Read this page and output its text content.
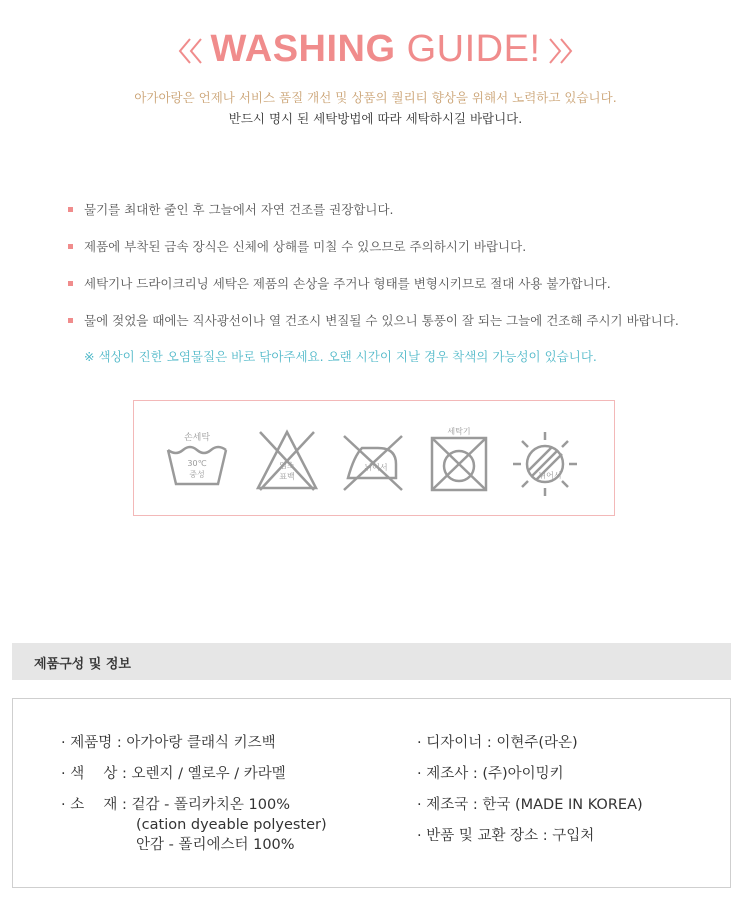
WASHING GUIDE!
아가아랑은 언제나 서비스 품질 개선 및 상품의 퀄리티 향상을 위해서 노력하고 있습니다.
반드시 명시 된 세탁방법에 따라 세탁하시길 바랍니다.
물기를 최대한 줄인 후 그늘에서 자연 건조를 권장합니다.
제품에 부착된 금속 장식은 신체에 상해를 미칠 수 있으므로 주의하시기 바랍니다.
세탁기나 드라이크리닝 세탁은 제품의 손상을 주거나 형태를 변형시키므로 절대 사용 불가합니다.
물에 젖었을 때에는 직사광선이나 열 건조시 변질될 수 있으니 통풍이 잘 되는 그늘에 건조해 주시기 바랍니다.
※ 색상이 진한 오염물질은 바로 닦아주세요. 오랜 시간이 지날 경우 착색의 가능성이 있습니다.
손세탁
30℃
중성
염소
표백
뉘어서
세탁기
뉘어서
제품구성 및 정보
· 제품명 : 아가아랑 클래식 키즈백
· 색　 상 : 오렌지 / 옐로우 / 카라멜
· 소　 재 : 겉감 - 폴리카치온 100%
(cation dyeable polyester)
안감 - 폴리에스터 100%
· 디자이너 : 이현주(라온)
· 제조사 : (주)아이밍키
· 제조국 : 한국 (MADE IN KOREA)
· 반품 및 교환 장소 : 구입처
